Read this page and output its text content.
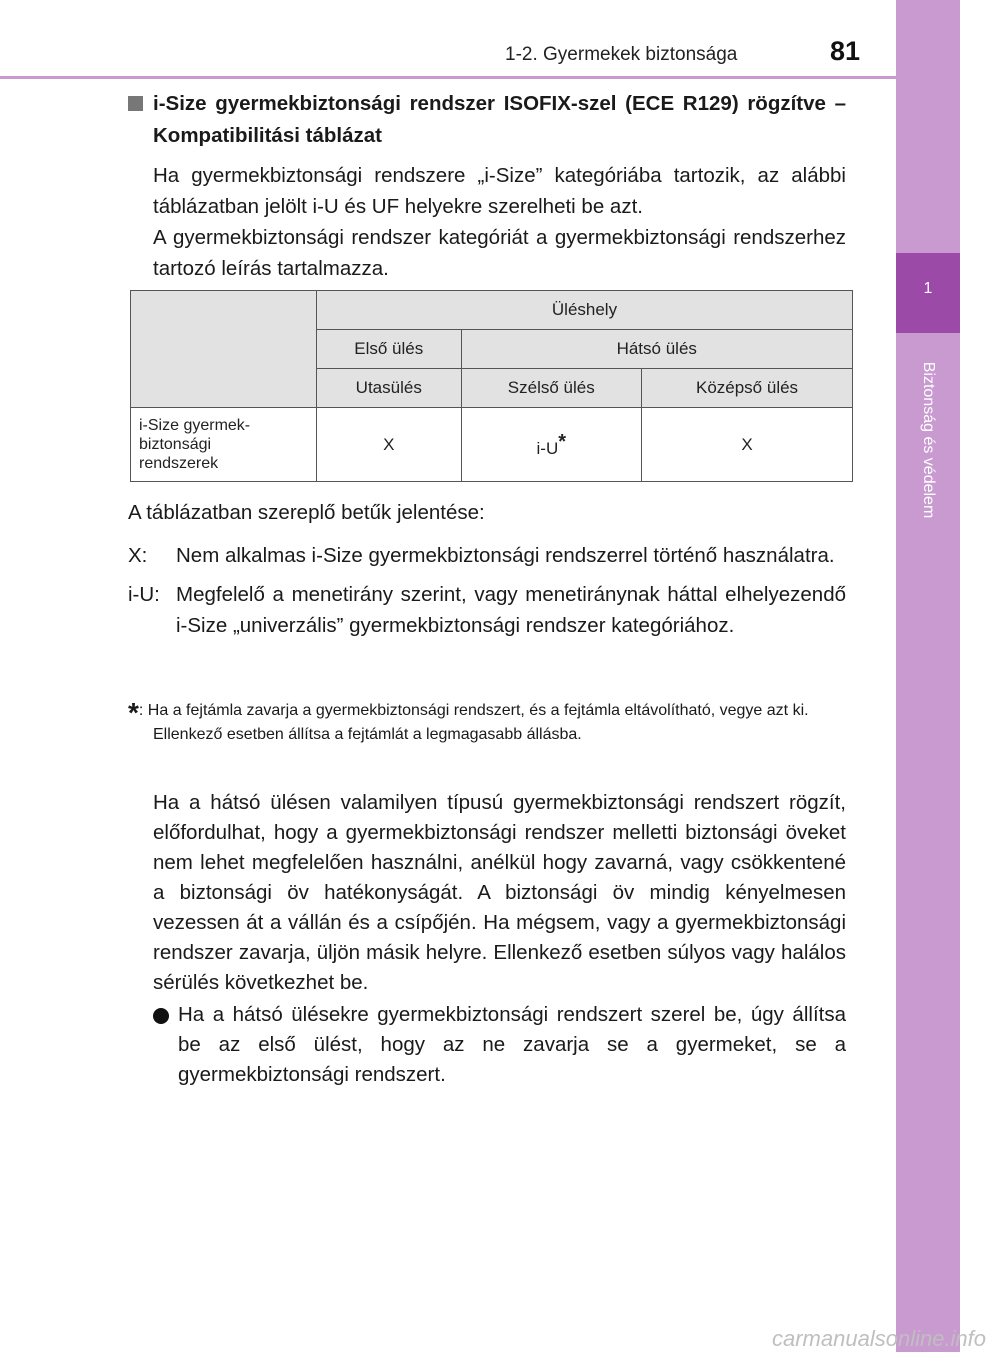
1-2. Gyermekek biztonsága	81
1
Biztonság és védelem
i-Size gyermekbiztonsági rendszer ISOFIX-szel (ECE R129) rögzítve – Kompatibilitási táblázat
Ha gyermekbiztonsági rendszere „i-Size” kategóriába tartozik, az alábbi táblázatban jelölt i-U és UF helyekre szerelheti be azt.
A gyermekbiztonsági rendszer kategóriát a gyermekbiztonsági rendszerhez tartozó leírás tartalmazza.
	Üléshely		
	Első ülés	Hátsó ülés	
	Utasülés	Szélső ülés	Középső ülés
i-Size gyermek-
biztonsági
rendszerek	X	i-U*	X
A táblázatban szereplő betűk jelentése:
X:	Nem alkalmas i-Size gyermekbiztonsági rendszerrel történő használatra.
i-U: Megfelelő a menetirány szerint, vagy menetiránynak háttal elhelyezendő i-Size „univerzális” gyermekbiztonsági rendszer kategóriához.
*: Ha a fejtámla zavarja a gyermekbiztonsági rendszert, és a fejtámla eltávolítható, vegye azt ki.
Ellenkező esetben állítsa a fejtámlát a legmagasabb állásba.
Ha a hátsó ülésen valamilyen típusú gyermekbiztonsági rendszert rögzít, előfordulhat, hogy a gyermekbiztonsági rendszer melletti biztonsági öveket nem lehet megfelelően használni, anélkül hogy zavarná, vagy csökkentené a biztonsági öv hatékonyságát. A biztonsági öv mindig kényelmesen vezessen át a vállán és a csípőjén. Ha mégsem, vagy a gyermekbiztonsági rendszer zavarja, üljön másik helyre. Ellenkező esetben súlyos vagy halálos sérülés következhet be.
Ha a hátsó ülésekre gyermekbiztonsági rendszert szerel be, úgy állítsa be az első ülést, hogy az ne zavarja se a gyermeket, se a gyermekbiztonsági rendszert.
carmanualsonline.info
